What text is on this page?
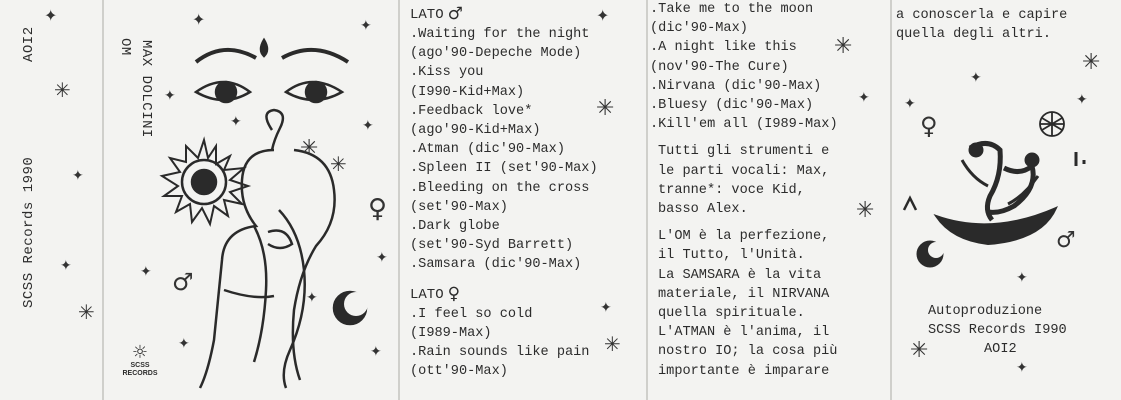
SCSS Records 1990
AOI2
✦
✳
✦
✦
✳
MAX DOLCINI
OM
✦	✦
✦
✦	✦
✳
✳
♀
✦
✦ ♂
✦
✦	✦
☼
SCSS RECORDS
LATO ♂
.Waiting for the night
(ago'90-Depeche Mode)
.Kiss you
(I990-Kid+Max)
.Feedback love*
(ago'90-Kid+Max)
.Atman (dic'90-Max)
.Spleen II (set'90-Max)
.Bleeding on the cross
(set'90-Max)
.Dark globe
(set'90-Syd Barrett)
.Samsara (dic'90-Max)
LATO ♀
.I feel so cold
(I989-Max)
.Rain sounds like pain
(ott'90-Max)
✦
✳
✦
✳
.Take me to the moon
(dic'90-Max)
.A night like this
(nov'90-The Cure)
.Nirvana (dic'90-Max)
.Bluesy (dic'90-Max)
.Kill'em all (I989-Max)
Tutti gli strumenti e
le parti vocali: Max,
tranne*: voce Kid,
basso Alex.
L'OM è la perfezione,
il Tutto, l'Unità.
La SAMSARA è la vita
materiale, il NIRVANA
quella spirituale.
L'ATMAN è l'anima, il
nostro IO; la cosa più
importante è imparare
✳
✦
✳
a conoscerla e capire
quella degli altri.
♀
♂
✳
✦
✦
✦
✦
✳
✦
Autoproduzione
SCSS Records I990
AOI2
